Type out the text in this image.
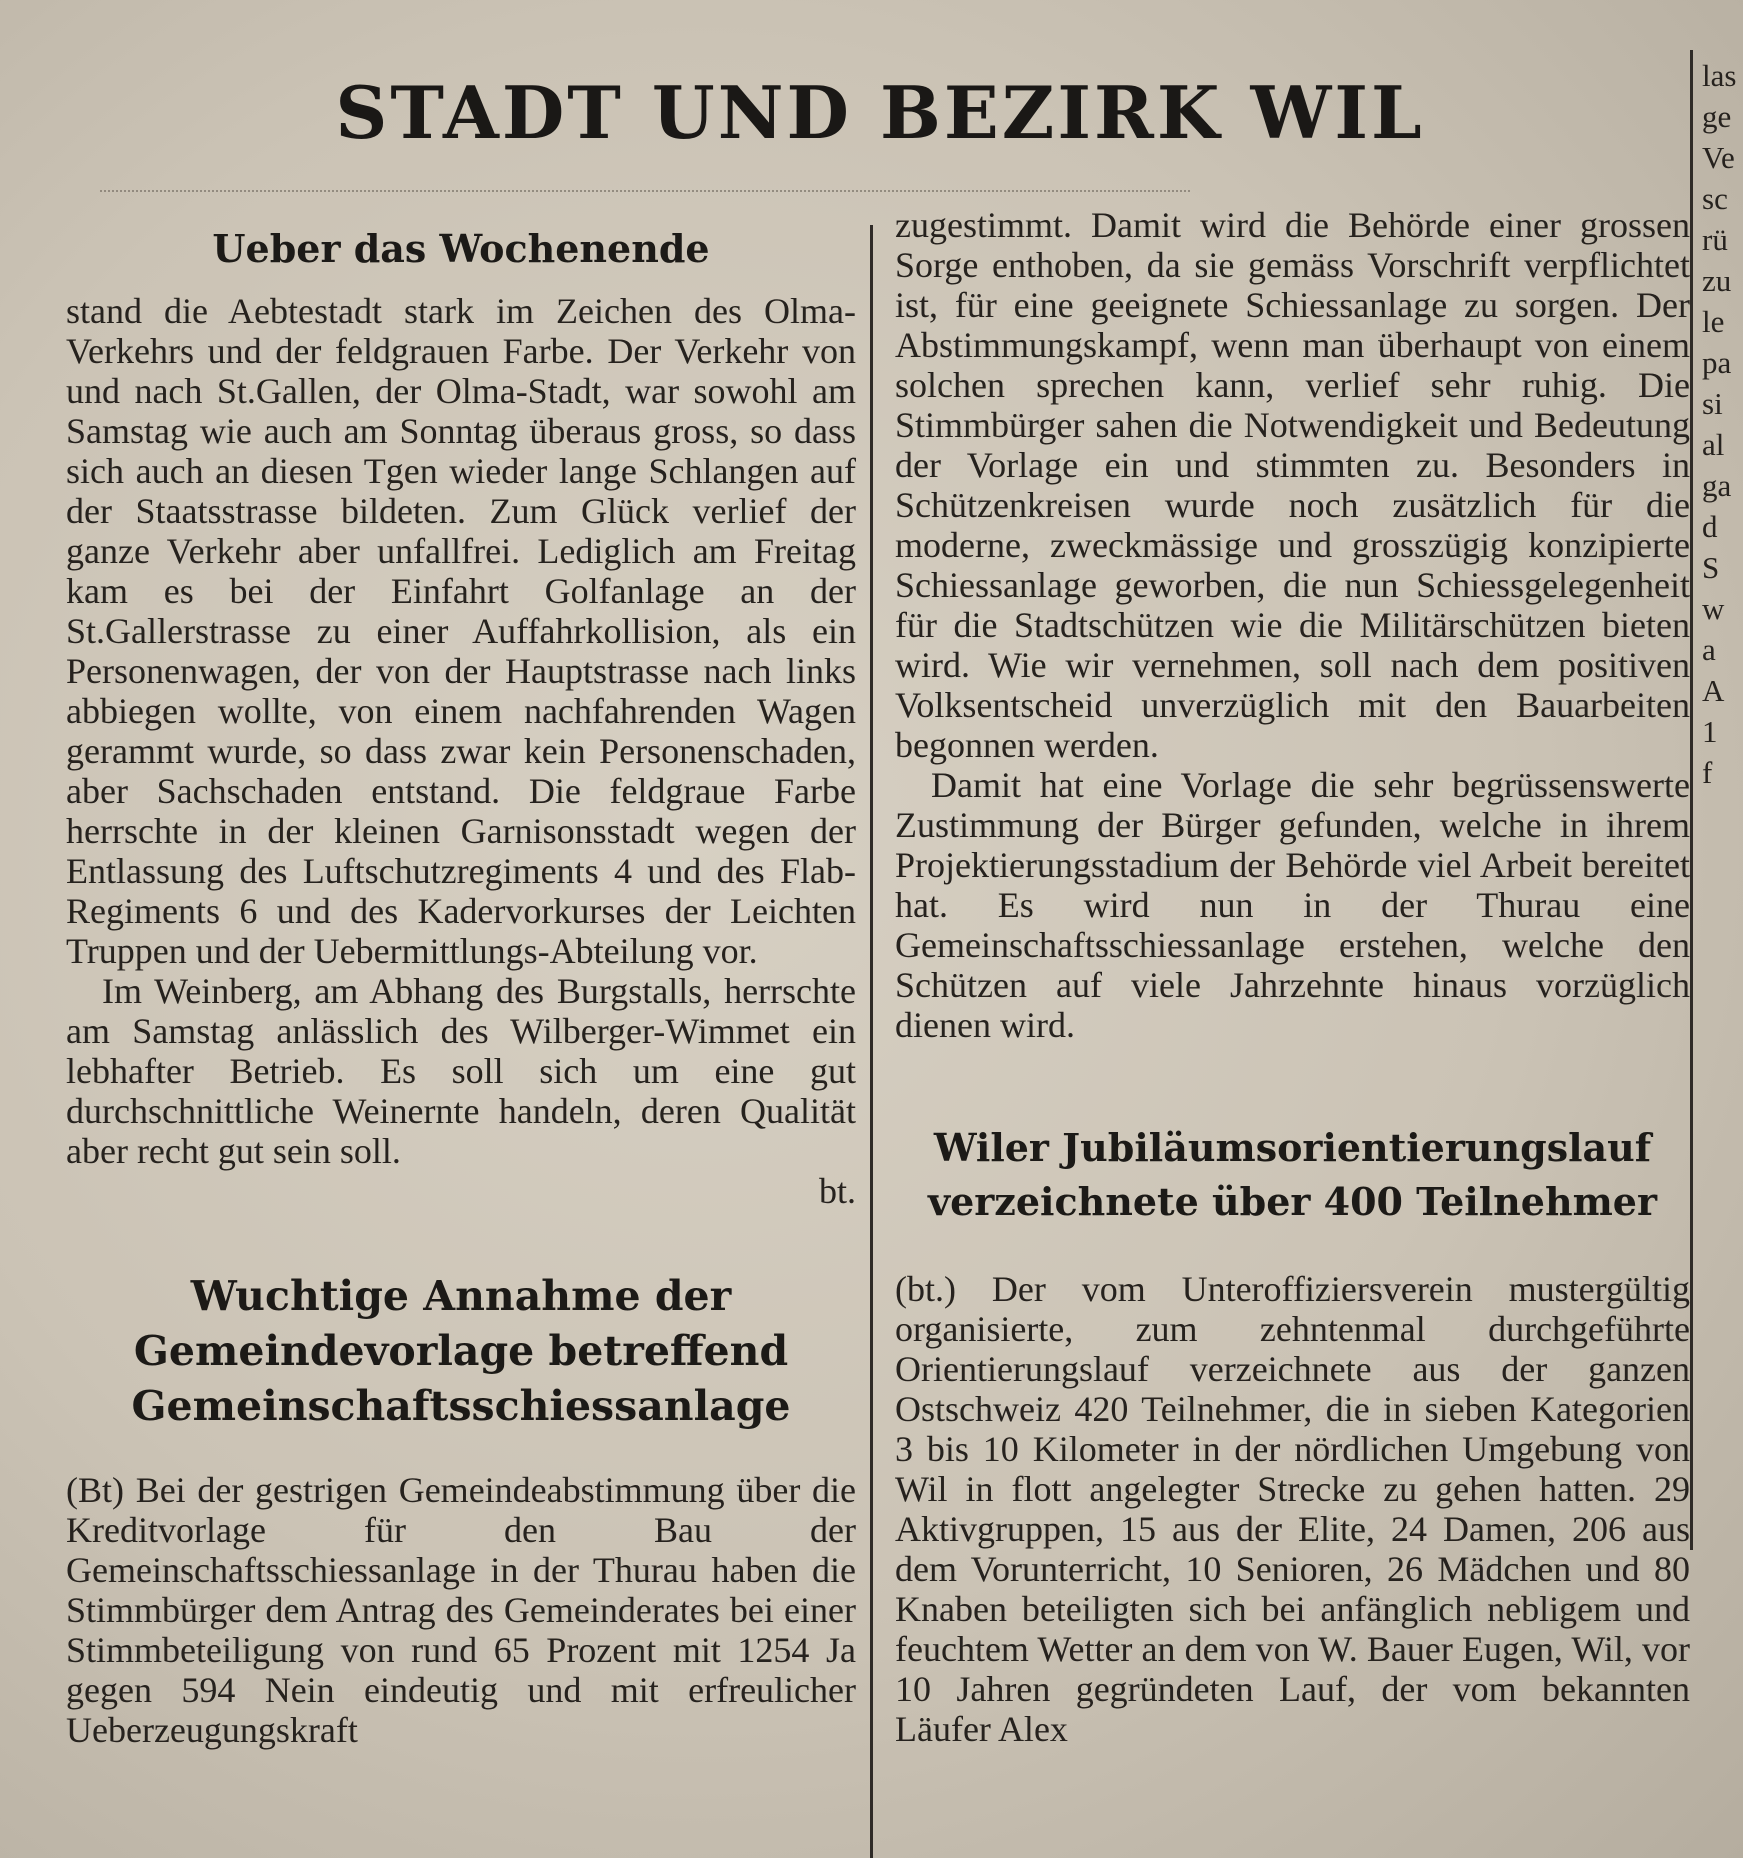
STADT UND BEZIRK WIL
Ueber das Wochenende

stand die Aebtestadt stark im Zeichen des Olma-Verkehrs und der feldgrauen Farbe. Der Verkehr von und nach St.Gallen, der Olma-Stadt, war sowohl am Samstag wie auch am Sonntag überaus gross, so dass sich auch an diesen Tgen wieder lange Schlangen auf der Staatsstrasse bildeten. Zum Glück verlief der ganze Verkehr aber unfallfrei. Lediglich am Freitag kam es bei der Einfahrt Golfanlage an der St.Gallerstrasse zu einer Auffahrkollision, als ein Personenwagen, der von der Hauptstrasse nach links abbiegen wollte, von einem nachfahrenden Wagen gerammt wurde, so dass zwar kein Personenschaden, aber Sachschaden entstand. Die feldgraue Farbe herrschte in der kleinen Garnisonsstadt wegen der Entlassung des Luftschutzregiments 4 und des Flab-Regiments 6 und des Kadervorkurses der Leichten Truppen und der Uebermittlungs-Abteilung vor.

Im Weinberg, am Abhang des Burgstalls, herrschte am Samstag anlässlich des Wilberger-Wimmet ein lebhafter Betrieb. Es soll sich um eine gut durchschnittliche Weinernte handeln, deren Qualität aber recht gut sein soll.

bt.
Wuchtige Annahme der Gemeindevorlage betreffend Gemeinschaftsschiessanlage

(Bt) Bei der gestrigen Gemeindeabstimmung über die Kreditvorlage für den Bau der Gemeinschaftsschiessanlage in der Thurau haben die Stimmbürger dem Antrag des Gemeinderates bei einer Stimmbeteiligung von rund 65 Prozent mit 1254 Ja gegen 594 Nein eindeutig und mit erfreulicher Ueberzeugungskraft

zugestimmt. Damit wird die Behörde einer grossen Sorge enthoben, da sie gemäss Vorschrift verpflichtet ist, für eine geeignete Schiessanlage zu sorgen. Der Abstimmungskampf, wenn man überhaupt von einem solchen sprechen kann, verlief sehr ruhig. Die Stimmbürger sahen die Notwendigkeit und Bedeutung der Vorlage ein und stimmten zu. Besonders in Schützenkreisen wurde noch zusätzlich für die moderne, zweckmässige und grosszügig konzipierte Schiessanlage geworben, die nun Schiessgelegenheit für die Stadtschützen wie die Militärschützen bieten wird. Wie wir vernehmen, soll nach dem positiven Volksentscheid unverzüglich mit den Bauarbeiten begonnen werden.

Damit hat eine Vorlage die sehr begrüssenswerte Zustimmung der Bürger gefunden, welche in ihrem Projektierungsstadium der Behörde viel Arbeit bereitet hat. Es wird nun in der Thurau eine Gemeinschaftsschiessanlage erstehen, welche den Schützen auf viele Jahrzehnte hinaus vorzüglich dienen wird.

Wiler Jubiläumsorientierungslauf verzeichnete über 400 Teilnehmer

(bt.) Der vom Unteroffiziersverein mustergültig organisierte, zum zehntenmal durchgeführte Orientierungslauf verzeichnete aus der ganzen Ostschweiz 420 Teilnehmer, die in sieben Kategorien 3 bis 10 Kilometer in der nördlichen Umgebung von Wil in flott angelegter Strecke zu gehen hatten. 29 Aktivgruppen, 15 aus der Elite, 24 Damen, 206 aus dem Vorunterricht, 10 Senioren, 26 Mädchen und 80 Knaben beteiligten sich bei anfänglich nebligem und feuchtem Wetter an dem von W. Bauer Eugen, Wil, vor 10 Jahren gegründeten Lauf, der vom bekannten Läufer Alex

las
ge
Ve
sc
rü
zu
le
pa
si
al
ga
d
S
w
a
A
1
f
